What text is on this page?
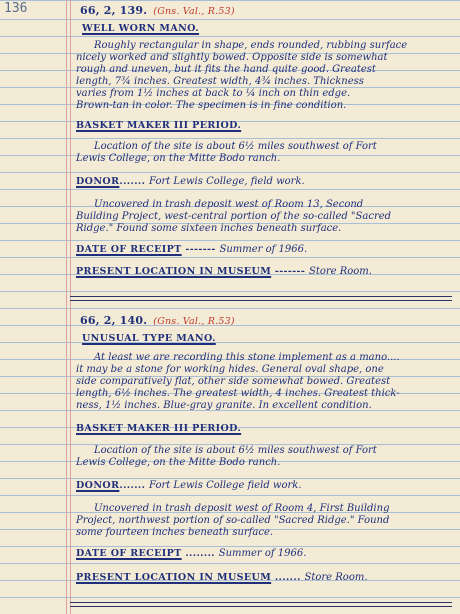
136	66, 2, 139. (Gns. Val., R.53)
WELL WORN MANO.
Roughly rectangular in shape, ends rounded, rubbing surface
nicely worked and slightly bowed. Opposite side is somewhat
rough and uneven, but it fits the hand quite good. Greatest
length, 7¾ inches. Greatest width, 4¾ inches. Thickness
varies from 1½ inches at back to ¼ inch on thin edge.
Brown-tan in color. The specimen is in fine condition.
BASKET MAKER III PERIOD.
Location of the site is about 6½ miles southwest of Fort
Lewis College, on the Mitte Bodo ranch.
DONOR....... Fort Lewis College, field work.
Uncovered in trash deposit west of Room 13, Second
Building Project, west-central portion of the so-called "Sacred
Ridge." Found some sixteen inches beneath surface.
DATE OF RECEIPT ------- Summer of 1966.
PRESENT LOCATION IN MUSEUM ------- Store Room.
66, 2, 140. (Gns. Val., R.53)
UNUSUAL TYPE MANO.
At least we are recording this stone implement as a mano....
it may be a stone for working hides. General oval shape, one
side comparatively flat, other side somewhat bowed. Greatest
length, 6½ inches. The greatest width, 4 inches. Greatest thick-
ness, 1½ inches. Blue-gray granite. In excellent condition.
BASKET MAKER III PERIOD.
Location of the site is about 6½ miles southwest of Fort
Lewis College, on the Mitte Bodo ranch.
DONOR....... Fort Lewis College field work.
Uncovered in trash deposit west of Room 4, First Building
Project, northwest portion of so-called "Sacred Ridge." Found
some fourteen inches beneath surface.
DATE OF RECEIPT ........ Summer of 1966.
PRESENT LOCATION IN MUSEUM ....... Store Room.
